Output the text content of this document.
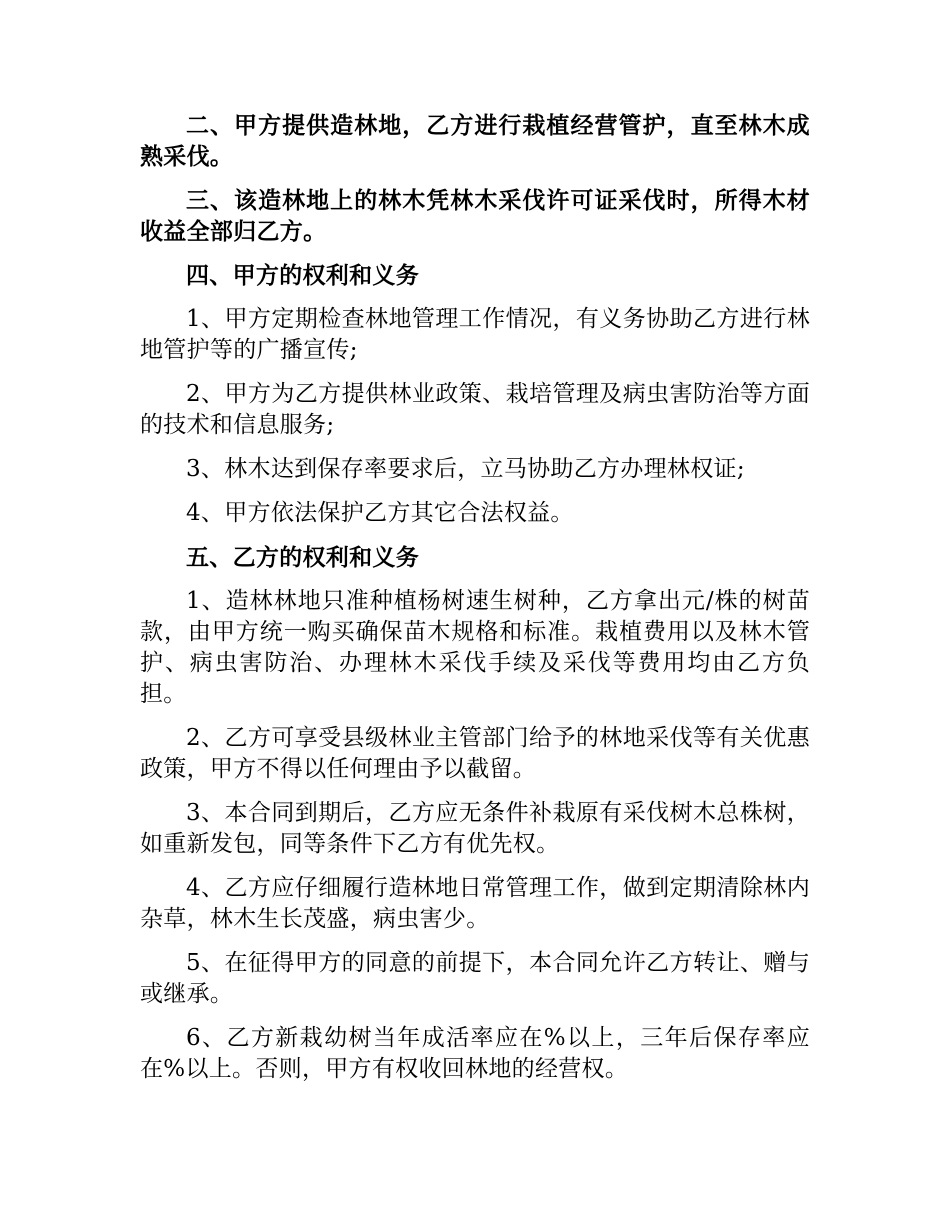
二、甲方提供造林地，乙方进行栽植经营管护，直至林木成熟采伐。

三、该造林地上的林木凭林木采伐许可证采伐时，所得木材收益全部归乙方。

四、甲方的权利和义务

1、甲方定期检查林地管理工作情况，有义务协助乙方进行林地管护等的广播宣传;

2、甲方为乙方提供林业政策、栽培管理及病虫害防治等方面的技术和信息服务;

3、林木达到保存率要求后，立马协助乙方办理林权证;

4、甲方依法保护乙方其它合法权益。

五、乙方的权利和义务

1、造林林地只准种植杨树速生树种，乙方拿出元/株的树苗款，由甲方统一购买确保苗木规格和标准。栽植费用以及林木管护、病虫害防治、办理林木采伐手续及采伐等费用均由乙方负担。

2、乙方可享受县级林业主管部门给予的林地采伐等有关优惠政策，甲方不得以任何理由予以截留。

3、本合同到期后，乙方应无条件补栽原有采伐树木总株树，如重新发包，同等条件下乙方有优先权。

4、乙方应仔细履行造林地日常管理工作，做到定期清除林内杂草，林木生长茂盛，病虫害少。

5、在征得甲方的同意的前提下，本合同允许乙方转让、赠与或继承。

6、乙方新栽幼树当年成活率应在%以上，三年后保存率应在%以上。否则，甲方有权收回林地的经营权。
